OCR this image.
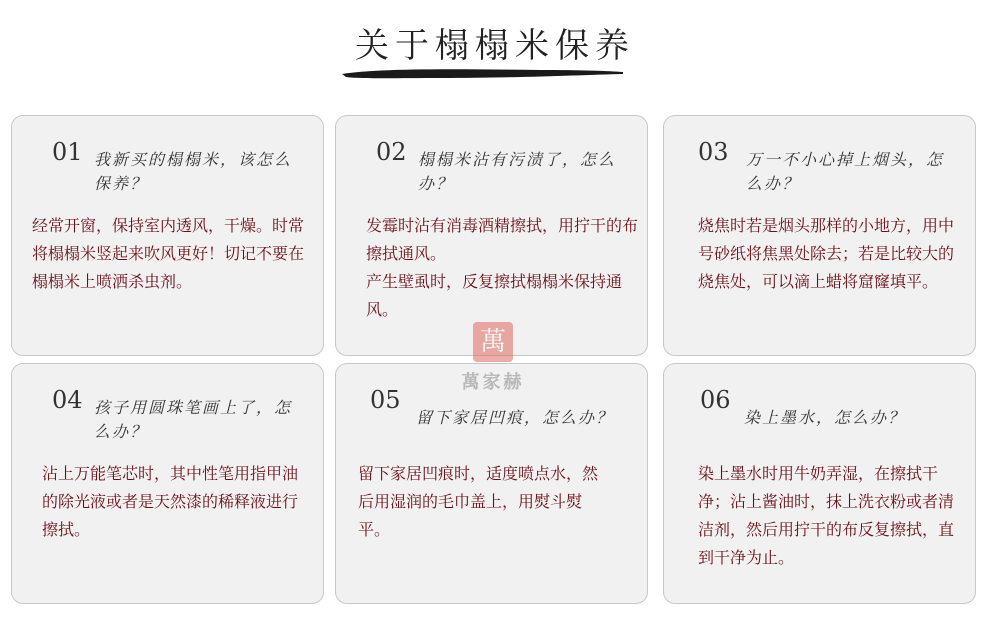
关于榻榻米保养
01 我新买的榻榻米，该怎么保养？

经常开窗，保持室内透风，干燥。时常将榻榻米竖起来吹风更好！切记不要在榻榻米上喷洒杀虫剂。

02 榻榻米沾有污渍了，怎么办？

发霉时沾有消毒酒精擦拭，用拧干的布擦拭通风。

产生壁虱时，反复擦拭榻榻米保持通风。

03 万一不小心掉上烟头，怎么办？

烧焦时若是烟头那样的小地方，用中号砂纸将焦黑处除去；若是比较大的烧焦处，可以滴上蜡将窟窿填平。

04 孩子用圆珠笔画上了，怎么办？

沾上万能笔芯时，其中性笔用指甲油的除光液或者是天然漆的稀释液进行擦拭。

05
留下家居凹痕，怎么办？

留下家居凹痕时，适度喷点水，然后用湿润的毛巾盖上，用熨斗熨平。

06
染上墨水，怎么办？

染上墨水时用牛奶弄湿，在擦拭干净；沾上酱油时，抹上洗衣粉或者清洁剂，然后用拧干的布反复擦拭，直到干净为止。

萬
萬家赫
